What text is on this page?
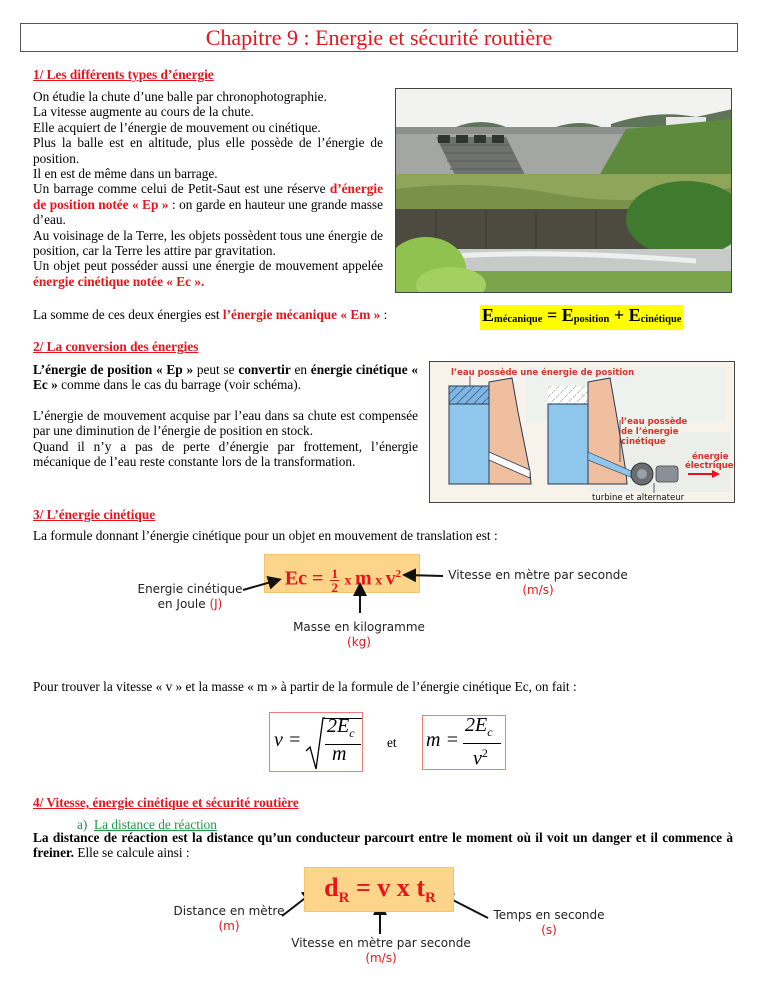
Chapitre 9 : Energie et sécurité routière
1/ Les différents types d’énergie

On étudie la chute d’une balle par chronophotographie.

La vitesse augmente au cours de la chute.

Elle acquiert de l’énergie de mouvement ou cinétique.

Plus la balle est en altitude, plus elle possède de l’énergie de position.

Il en est de même dans un barrage.

Un barrage comme celui de Petit-Saut est une réserve d’énergie de position notée « Ep » : on garde en hauteur une grande masse d’eau.

Au voisinage de la Terre, les objets possèdent tous une énergie de position, car la Terre les attire par gravitation.

Un objet peut posséder aussi une énergie de mouvement appelée énergie cinétique notée « Ec ».

La somme de ces deux énergies est l’énergie mécanique « Em » :	$E_{mécanique} = E_{position} + E_{cinétique}$
2/ La conversion des énergies

L’énergie de position « Ep » peut se convertir en énergie cinétique « Ec » comme dans le cas du barrage (voir schéma).

L’énergie de mouvement acquise par l’eau dans sa chute est compensée par une diminution de l’énergie de position en stock.

Quand il n’y a pas de perte d’énergie par frottement, l’énergie mécanique de l’eau reste constante lors de la transformation.

l’eau possède une énergie de position
l’eau possède
de l’énergie
cinétique
énergie
électrique
turbine et alternateur
3/ L’énergie cinétique
La formule donnant l’énergie cinétique pour un objet en mouvement de translation est :
$Ec = \frac{1}{2}$ x m x $v^2$
Energie cinétique
en Joule (J)
Vitesse en mètre par seconde
(m/s)
Masse en kilogramme
(kg)
Pour trouver la vitesse « v » et la masse « m » à partir de la formule de l’énergie cinétique Ec, on fait :
v =
$2E_c$
m
et m =
$2E_c$
$v^2$
4/ Vitesse, énergie cinétique et sécurité routière
a) La distance de réaction
La distance de réaction est la distance qu’un conducteur parcourt entre le moment où il voit un danger et il commence à freiner. Elle se calcule ainsi :
$d_R = v$ x $t_R$
Distance en mètre
(m)
Vitesse en mètre par seconde
(m/s)
Temps en seconde
(s)
